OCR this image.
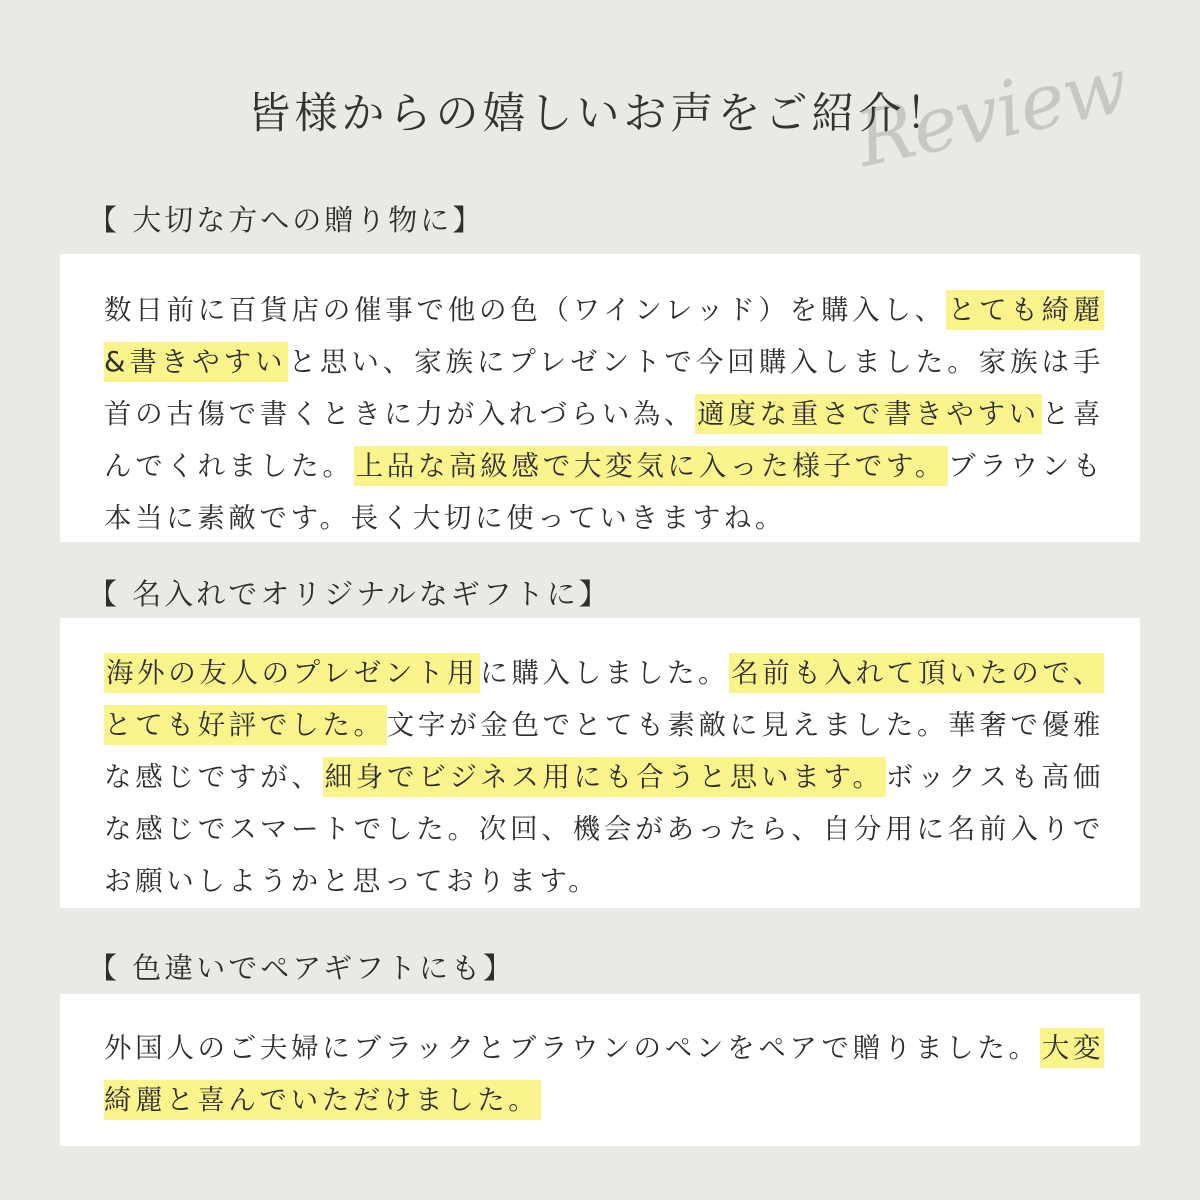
Review
皆様からの嬉しいお声をご紹介！
【 大切な方への贈り物に】
数日前に百貨店の催事で他の色（ワインレッド）を購入し、とても綺麗&書きやすいと思い、家族にプレゼントで今回購入しました。家族は手首の古傷で書くときに力が入れづらい為、適度な重さで書きやすいと喜んでくれました。上品な高級感で大変気に入った様子です。ブラウンも本当に素敵です。長く大切に使っていきますね。
【 名入れでオリジナルなギフトに】
海外の友人のプレゼント用に購入しました。名前も入れて頂いたので、とても好評でした。文字が金色でとても素敵に見えました。華奢で優雅な感じですが、細身でビジネス用にも合うと思います。ボックスも高価な感じでスマートでした。次回、機会があったら、自分用に名前入りでお願いしようかと思っております。
【 色違いでペアギフトにも】
外国人のご夫婦にブラックとブラウンのペンをペアで贈りました。大変綺麗と喜んでいただけました。
